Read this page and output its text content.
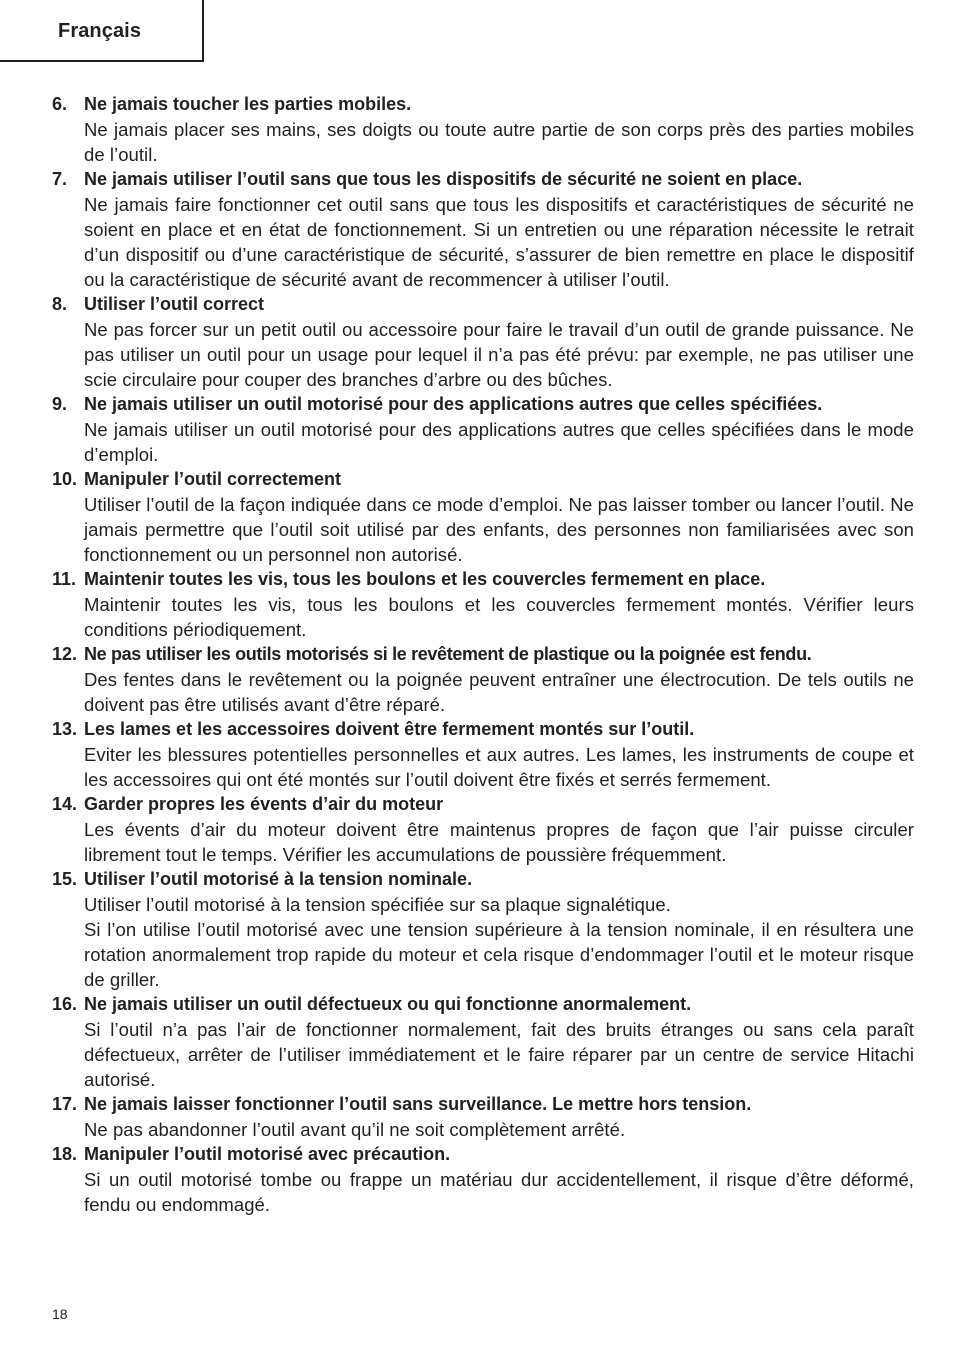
Français
6. Ne jamais toucher les parties mobiles.

Ne jamais placer ses mains, ses doigts ou toute autre partie de son corps près des parties mobiles de l’outil.

7. Ne jamais utiliser l’outil sans que tous les dispositifs de sécurité ne soient en place.

Ne jamais faire fonctionner cet outil sans que tous les dispositifs et caractéristiques de sécurité ne soient en place et en état de fonctionnement. Si un entretien ou une réparation nécessite le retrait d’un dispositif ou d’une caractéristique de sécurité, s’assurer de bien remettre en place le dispositif ou la caractéristique de sécurité avant de recommencer à utiliser l’outil.

8. Utiliser l’outil correct

Ne pas forcer sur un petit outil ou accessoire pour faire le travail d’un outil de grande puissance. Ne pas utiliser un outil pour un usage pour lequel il n’a pas été prévu: par exemple, ne pas utiliser une scie circulaire pour couper des branches d’arbre ou des bûches.

9. Ne jamais utiliser un outil motorisé pour des applications autres que celles spécifiées.

Ne jamais utiliser un outil motorisé pour des applications autres que celles spécifiées dans le mode d’emploi.

10. Manipuler l’outil correctement

Utiliser l’outil de la façon indiquée dans ce mode d’emploi. Ne pas laisser tomber ou lancer l’outil. Ne jamais permettre que l’outil soit utilisé par des enfants, des personnes non familiarisées avec son fonctionnement ou un personnel non autorisé.

11. Maintenir toutes les vis, tous les boulons et les couvercles fermement en place.

Maintenir toutes les vis, tous les boulons et les couvercles fermement montés. Vérifier leurs conditions périodiquement.

12. Ne pas utiliser les outils motorisés si le revêtement de plastique ou la poignée est fendu.

Des fentes dans le revêtement ou la poignée peuvent entraîner une électrocution. De tels outils ne doivent pas être utilisés avant d’être réparé.

13. Les lames et les accessoires doivent être fermement montés sur l’outil.

Eviter les blessures potentielles personnelles et aux autres. Les lames, les instruments de coupe et les accessoires qui ont été montés sur l’outil doivent être fixés et serrés fermement.

14. Garder propres les évents d’air du moteur

Les évents d’air du moteur doivent être maintenus propres de façon que l’air puisse circuler librement tout le temps. Vérifier les accumulations de poussière fréquemment.

15. Utiliser l’outil motorisé à la tension nominale.

Utiliser l’outil motorisé à la tension spécifiée sur sa plaque signalétique.

Si l’on utilise l’outil motorisé avec une tension supérieure à la tension nominale, il en résultera une rotation anormalement trop rapide du moteur et cela risque d’endommager l’outil et le moteur risque de griller.

16. Ne jamais utiliser un outil défectueux ou qui fonctionne anormalement.

Si l’outil n’a pas l’air de fonctionner normalement, fait des bruits étranges ou sans cela paraît défectueux, arrêter de l’utiliser immédiatement et le faire réparer par un centre de service Hitachi autorisé.

17. Ne jamais laisser fonctionner l’outil sans surveillance. Le mettre hors tension.

Ne pas abandonner l’outil avant qu’il ne soit complètement arrêté.

18. Manipuler l’outil motorisé avec précaution.

Si un outil motorisé tombe ou frappe un matériau dur accidentellement, il risque d’être déformé, fendu ou endommagé.

18
